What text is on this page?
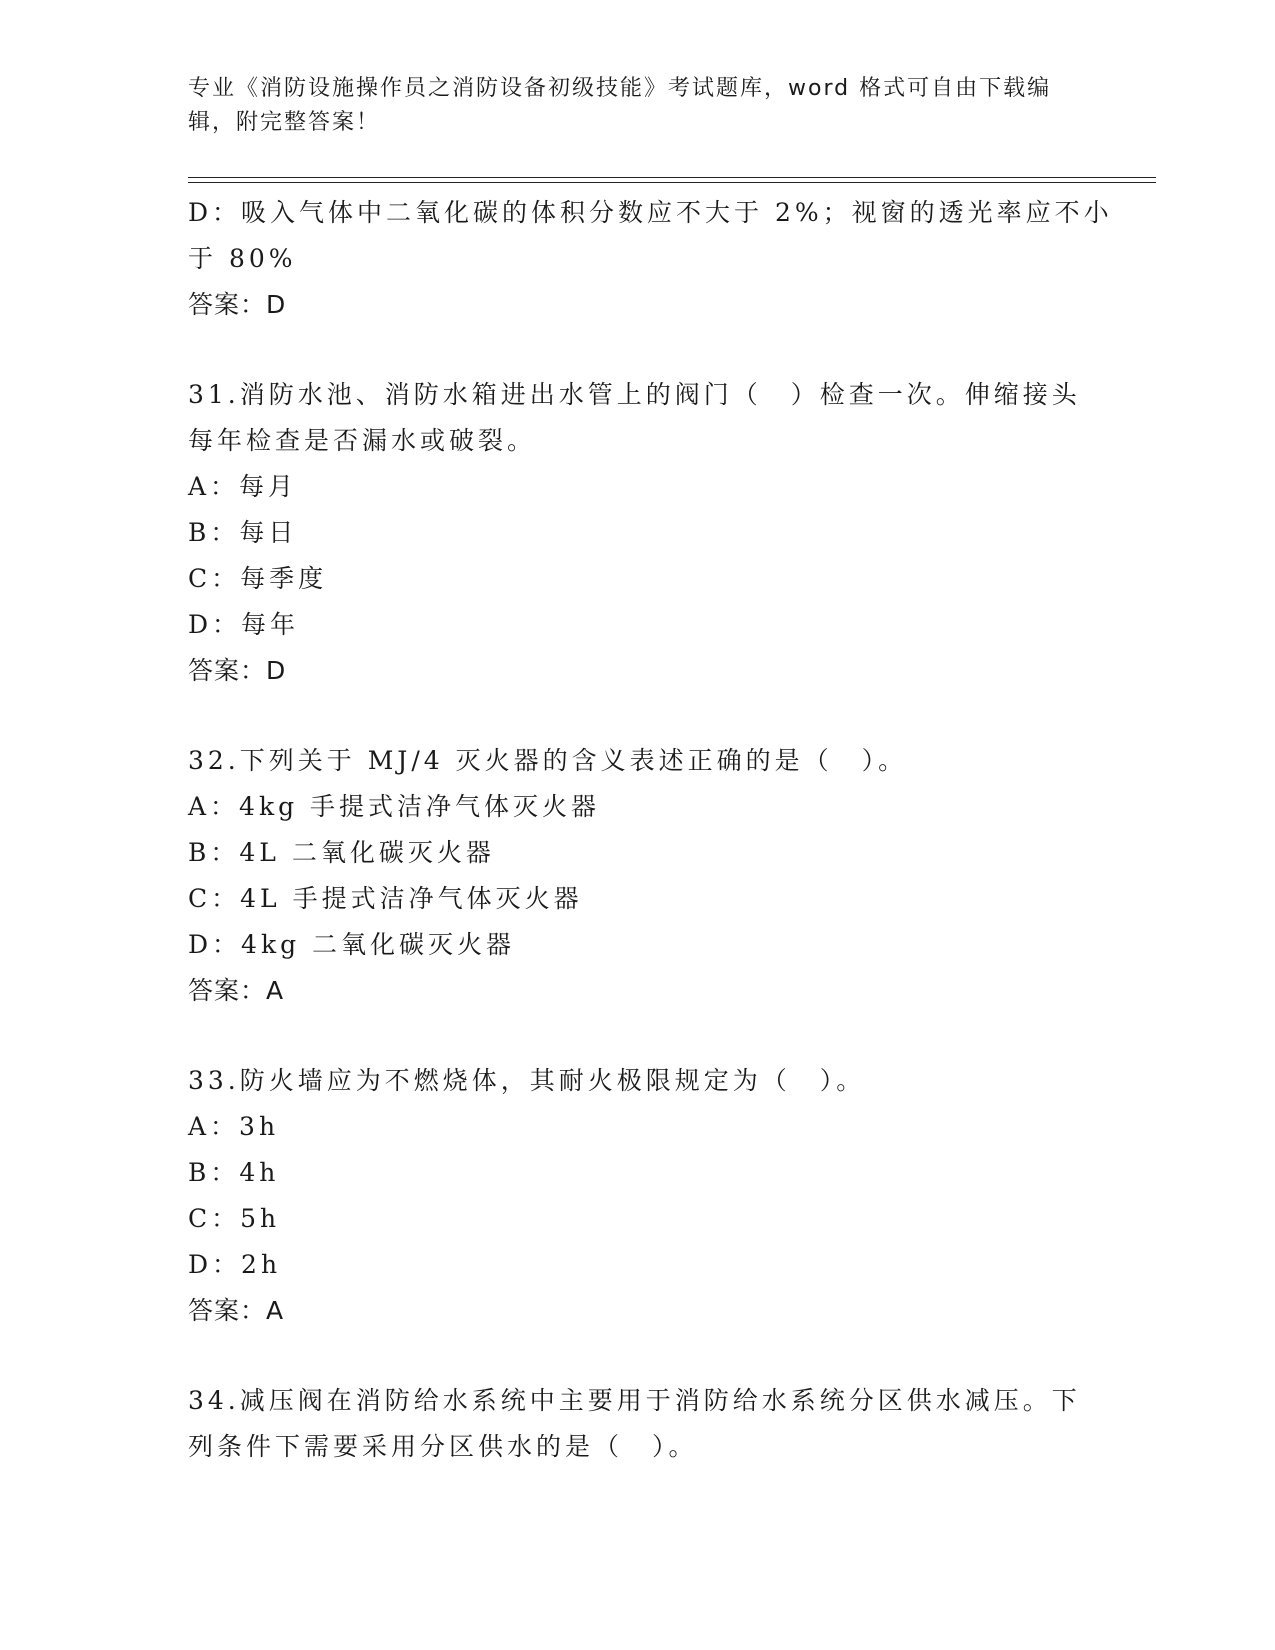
专业《消防设施操作员之消防设备初级技能》考试题库，word 格式可自由下载编
辑，附完整答案！
D：吸入气体中二氧化碳的体积分数应不大于 2%；视窗的透光率应不小
于 80%
答案：D
31.消防水池、消防水箱进出水管上的阀门（　）检查一次。伸缩接头
每年检查是否漏水或破裂。
A：每月
B：每日
C：每季度
D：每年
答案：D
32.下列关于 MJ/4 灭火器的含义表述正确的是（　）。
A：4kg 手提式洁净气体灭火器
B：4L 二氧化碳灭火器
C：4L 手提式洁净气体灭火器
D：4kg 二氧化碳灭火器
答案：A
33.防火墙应为不燃烧体，其耐火极限规定为（　）。
A：3h
B：4h
C：5h
D：2h
答案：A
34.减压阀在消防给水系统中主要用于消防给水系统分区供水减压。下
列条件下需要采用分区供水的是（　）。
